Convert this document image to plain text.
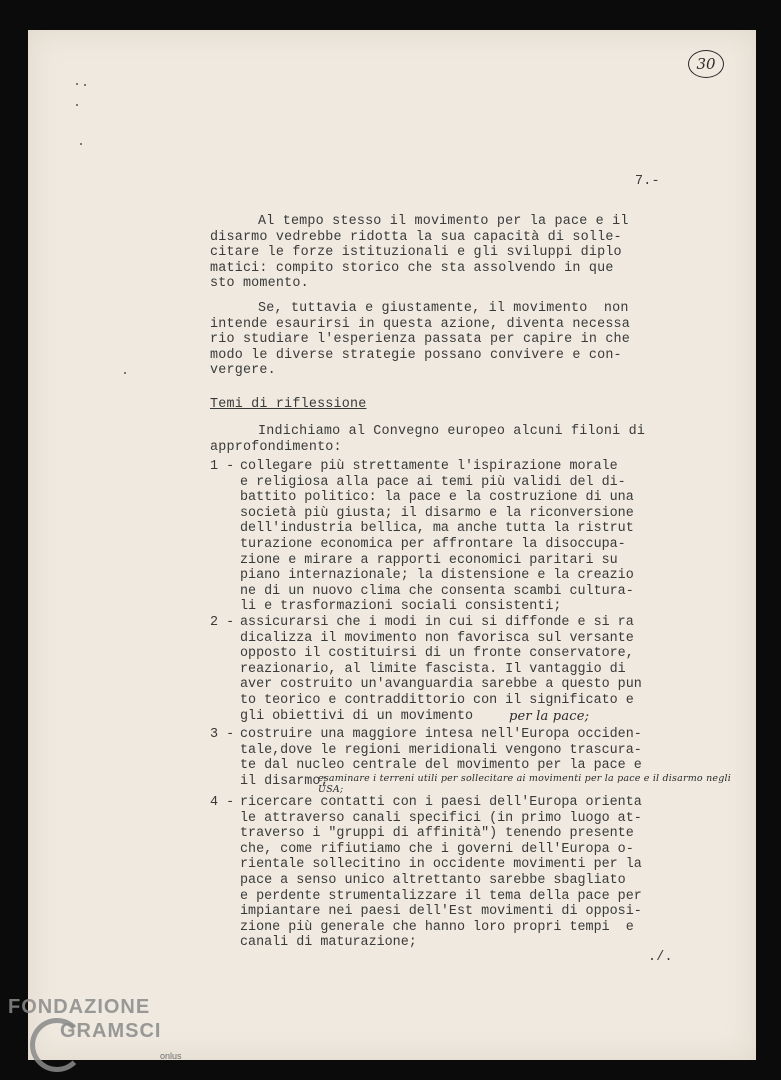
30
7.-
Al tempo stesso il movimento per la pace e il
disarmo vedrebbe ridotta la sua capacità di solle-
citare le forze istituzionali e gli sviluppi diplo
matici: compito storico che sta assolvendo in que
sto momento.
Se, tuttavia e giustamente, il movimento  non
intende esaurirsi in questa azione, diventa necessa
rio studiare l'esperienza passata per capire in che
modo le diverse strategie possano convivere e con-
vergere.
Temi di riflessione
Indichiamo al Convegno europeo alcuni filoni di
approfondimento:
1 - collegare più strettamente l'ispirazione morale
e religiosa alla pace ai temi più validi del di-
battito politico: la pace e la costruzione di una
società più giusta; il disarmo e la riconversione
dell'industria bellica, ma anche tutta la ristrut
turazione economica per affrontare la disoccupa-
zione e mirare a rapporti economici paritari su
piano internazionale; la distensione e la creazio
ne di un nuovo clima che consenta scambi cultura-
li e trasformazioni sociali consistenti;
2 - assicurarsi che i modi in cui si diffonde e si ra
dicalizza il movimento non favorisca sul versante
opposto il costituirsi di un fronte conservatore,
reazionario, al limite fascista. Il vantaggio di
aver costruito un'avanguardia sarebbe a questo pun
to teorico e contraddittorio con il significato e
gli obiettivi di un movimento	per la pace;
3 - costruire una maggiore intesa nell'Europa occiden-
tale,dove le regioni meridionali vengono trascura-
te dal nucleo centrale del movimento per la pace e
il disarmo;
esaminare i terreni utili per sollecitare ai movimenti per la pace e il disarmo negli USA;
4 - ricercare contatti con i paesi dell'Europa orienta
le attraverso canali specifici (in primo luogo at-
traverso i "gruppi di affinità") tenendo presente
che, come rifiutiamo che i governi dell'Europa o-
rientale sollecitino in occidente movimenti per la
pace a senso unico altrettanto sarebbe sbagliato
e perdente strumentalizzare il tema della pace per
impiantare nei paesi dell'Est movimenti di opposi-
zione più generale che hanno loro propri tempi  e
canali di maturazione;
./.
FONDAZIONE
GRAMSCI
onlus
